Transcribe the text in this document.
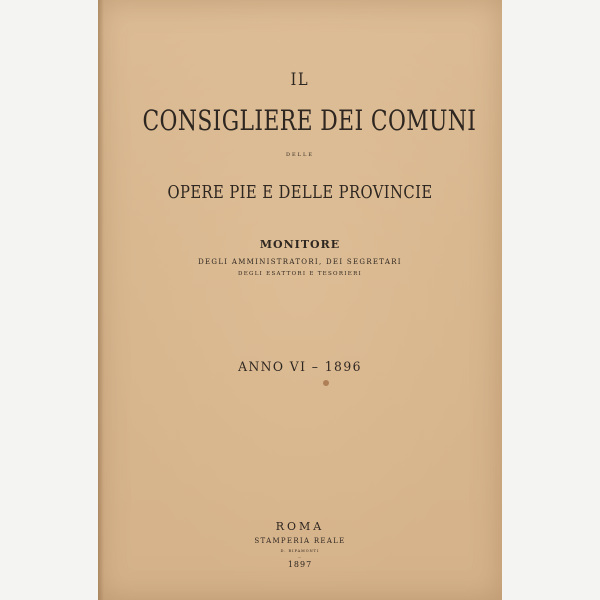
IL
CONSIGLIERE DEI COMUNI
DELLE
OPERE PIE E DELLE PROVINCIE
MONITORE
DEGLI AMMINISTRATORI, DEI SEGRETARI
DEGLI ESATTORI E TESORIERI
ANNO VI – 1896
ROMA
STAMPERIA REALE
D. RIPAMONTI
—
1897
